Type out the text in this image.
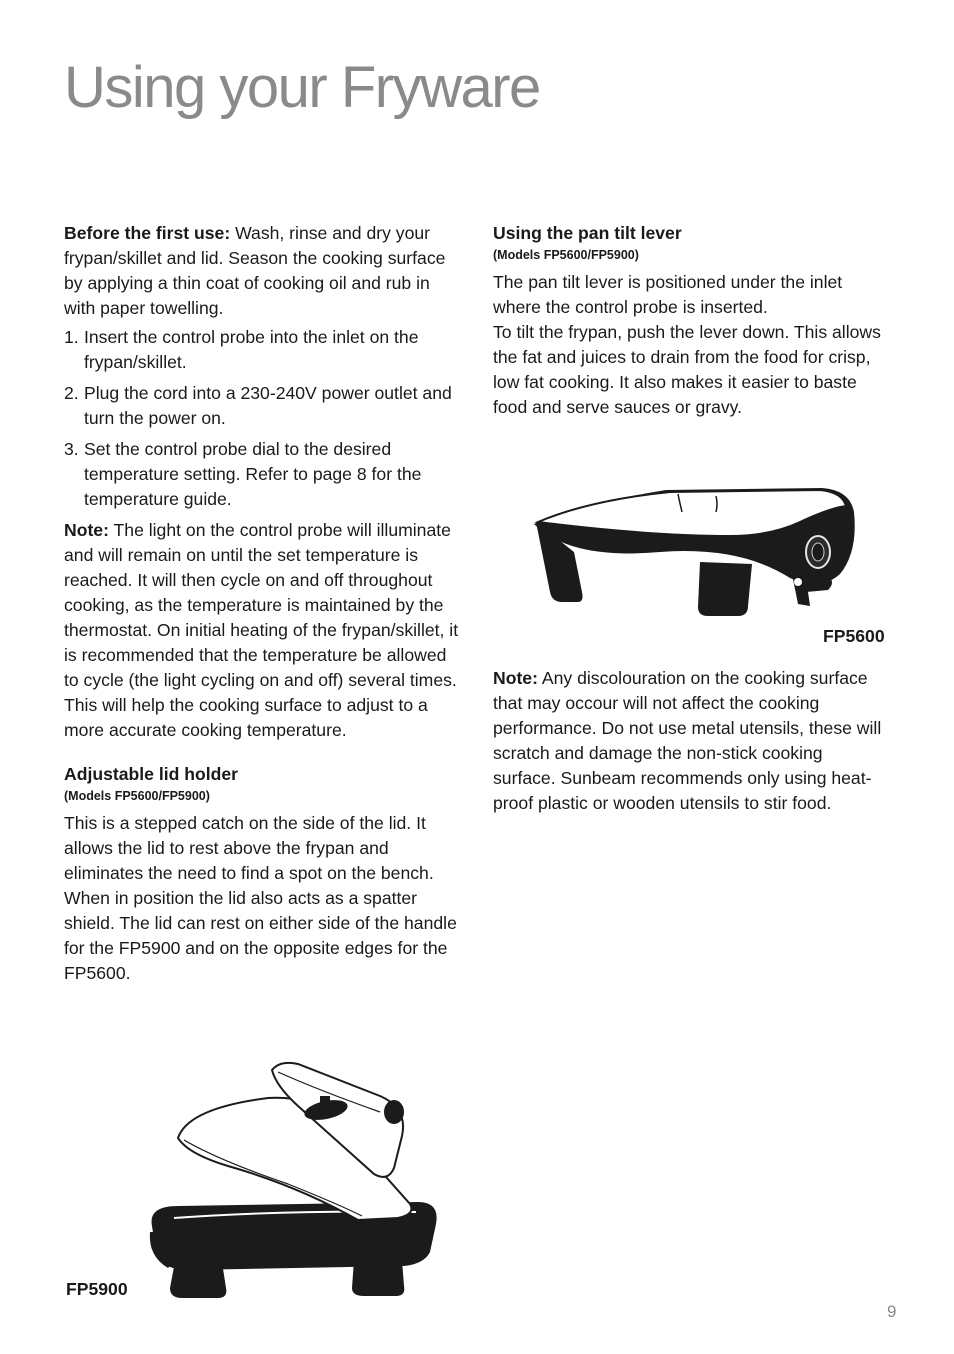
Using your Fryware

Before the first use: Wash, rinse and dry your frypan/skillet and lid. Season the cooking surface by applying a thin coat of cooking oil and rub in with paper towelling.

1. Insert the control probe into the inlet on the frypan/skillet.
2. Plug the cord into a 230-240V power outlet and turn the power on.
3. Set the control probe dial to the desired temperature setting. Refer to page 8 for the temperature guide.

Note: The light on the control probe will illuminate and will remain on until the set temperature is reached. It will then cycle on and off throughout cooking, as the temperature is maintained by the thermostat. On initial heating of the frypan/skillet, it is recommended that the temperature be allowed to cycle (the light cycling on and off) several times. This will help the cooking surface to adjust to a more accurate cooking temperature.

Adjustable lid holder

(Models FP5600/FP5900)

This is a stepped catch on the side of the lid. It allows the lid to rest above the frypan and eliminates the need to find a spot on the bench. When in position the lid also acts as a spatter shield. The lid can rest on either side of the handle for the FP5900 and on the opposite edges for the FP5600.

Using the pan tilt lever

(Models FP5600/FP5900)

The pan tilt lever is positioned under the inlet where the control probe is inserted.

To tilt the frypan, push the lever down. This allows the fat and juices to drain from the food for crisp, low fat cooking. It also makes it easier to baste food and serve sauces or gravy.

FP5600

Note: Any discolouration on the cooking surface that may occour will not affect the cooking performance. Do not use metal utensils, these will scratch and damage the non-stick cooking surface. Sunbeam recommends only using heat-proof plastic or wooden utensils to stir food.

FP5900
9
